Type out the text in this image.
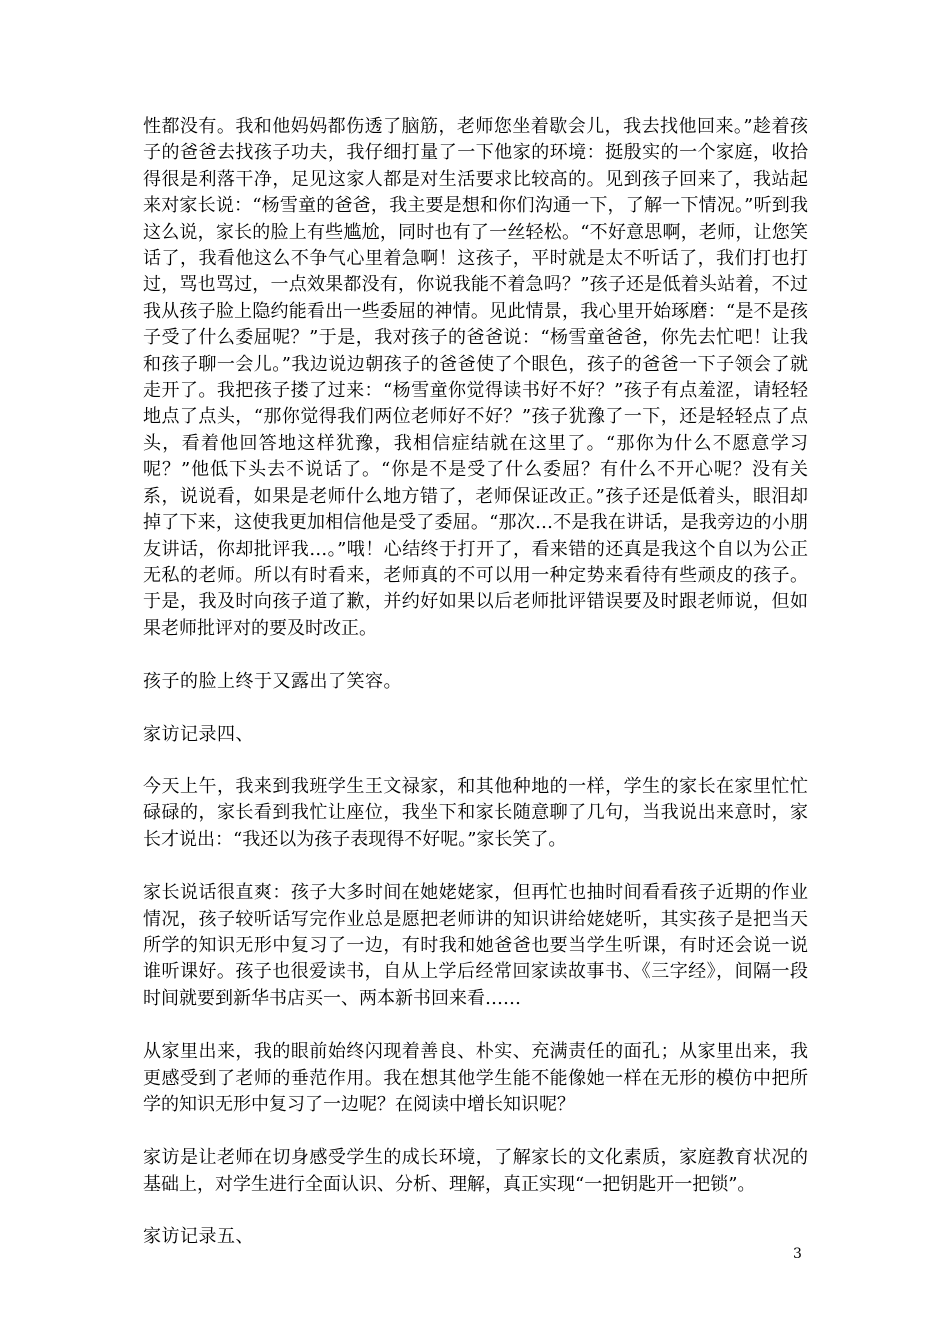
性都没有。我和他妈妈都伤透了脑筋，老师您坐着歇会儿，我去找他回来。”趁着孩子的爸爸去找孩子功夫，我仔细打量了一下他家的环境：挺殷实的一个家庭，收拾得很是利落干净，足见这家人都是对生活要求比较高的。见到孩子回来了，我站起来对家长说：“杨雪童的爸爸，我主要是想和你们沟通一下，了解一下情况。”听到我这么说，家长的脸上有些尴尬，同时也有了一丝轻松。“不好意思啊，老师，让您笑话了，我看他这么不争气心里着急啊！这孩子，平时就是太不听话了，我们打也打过，骂也骂过，一点效果都没有，你说我能不着急吗？”孩子还是低着头站着，不过我从孩子脸上隐约能看出一些委屈的神情。见此情景，我心里开始琢磨：“是不是孩子受了什么委屈呢？”于是，我对孩子的爸爸说：“杨雪童爸爸，你先去忙吧！让我和孩子聊一会儿。”我边说边朝孩子的爸爸使了个眼色，孩子的爸爸一下子领会了就走开了。我把孩子搂了过来：“杨雪童你觉得读书好不好？”孩子有点羞涩，请轻轻地点了点头，“那你觉得我们两位老师好不好？”孩子犹豫了一下，还是轻轻点了点头，看着他回答地这样犹豫，我相信症结就在这里了。“那你为什么不愿意学习呢？”他低下头去不说话了。“你是不是受了什么委屈？有什么不开心呢？没有关系，说说看，如果是老师什么地方错了，老师保证改正。”孩子还是低着头，眼泪却掉了下来，这使我更加相信他是受了委屈。“那次…不是我在讲话，是我旁边的小朋友讲话，你却批评我…。”哦！心结终于打开了，看来错的还真是我这个自以为公正无私的老师。所以有时看来，老师真的不可以用一种定势来看待有些顽皮的孩子。于是，我及时向孩子道了歉，并约好如果以后老师批评错误要及时跟老师说，但如果老师批评对的要及时改正。

孩子的脸上终于又露出了笑容。

家访记录四、

今天上午，我来到我班学生王文禄家，和其他种地的一样，学生的家长在家里忙忙碌碌的，家长看到我忙让座位，我坐下和家长随意聊了几句，当我说出来意时，家长才说出：“我还以为孩子表现得不好呢。”家长笑了。

家长说话很直爽：孩子大多时间在她姥姥家，但再忙也抽时间看看孩子近期的作业情况，孩子较听话写完作业总是愿把老师讲的知识讲给姥姥听，其实孩子是把当天所学的知识无形中复习了一边，有时我和她爸爸也要当学生听课，有时还会说一说谁听课好。孩子也很爱读书，自从上学后经常回家读故事书、《三字经》，间隔一段时间就要到新华书店买一、两本新书回来看……

从家里出来，我的眼前始终闪现着善良、朴实、充满责任的面孔；从家里出来，我更感受到了老师的垂范作用。我在想其他学生能不能像她一样在无形的模仿中把所学的知识无形中复习了一边呢？在阅读中增长知识呢？

家访是让老师在切身感受学生的成长环境，了解家长的文化素质，家庭教育状况的基础上，对学生进行全面认识、分析、理解，真正实现“一把钥匙开一把锁”。

家访记录五、

3
